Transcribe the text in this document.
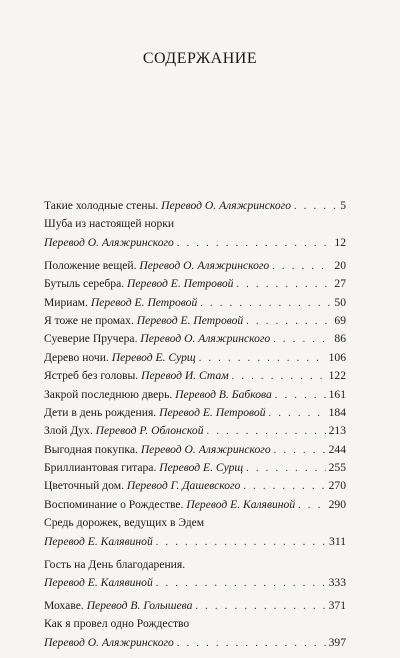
СОДЕРЖАНИЕ
Такие холодные стены. Перевод О. Аляжринского . . .	5
Шуба из настоящей норки
Перевод О. Аляжринского . . .	12
Положение вещей. Перевод О. Аляжринского . . .	20
Бутыль серебра. Перевод Е. Петровой . . .	27
Мириам. Перевод Е. Петровой . . .	50
Я тоже не промах. Перевод Е. Петровой . . .	69
Суеверие Пручера. Перевод О. Аляжринского . . .	86
Дерево ночи. Перевод Е. Сурщ . . .	106
Ястреб без головы. Перевод И. Стам . . .	122
Закрой последнюю дверь. Перевод В. Бабкова . . .	161
Дети в день рождения. Перевод Е. Петровой . . .	184
Злой Дух. Перевод Р. Облонской . . .	213
Выгодная покупка. Перевод О. Аляжринского . . .	244
Бриллиантовая гитара. Перевод Е. Сурщ . . .	255
Цветочный дом. Перевод Г. Дашевского . . .	270
Воспоминание о Рождестве. Перевод Е. Калявиной . . .	290
Средь дорожек, ведущих в Эдем
Перевод Е. Калявиной . . .	311
Гость на День благодарения.
Перевод Е. Калявиной . . .	333
Мохаве. Перевод В. Голышева . . .	371
Как я провел одно Рождество
Перевод О. Аляжринского . . .	397
